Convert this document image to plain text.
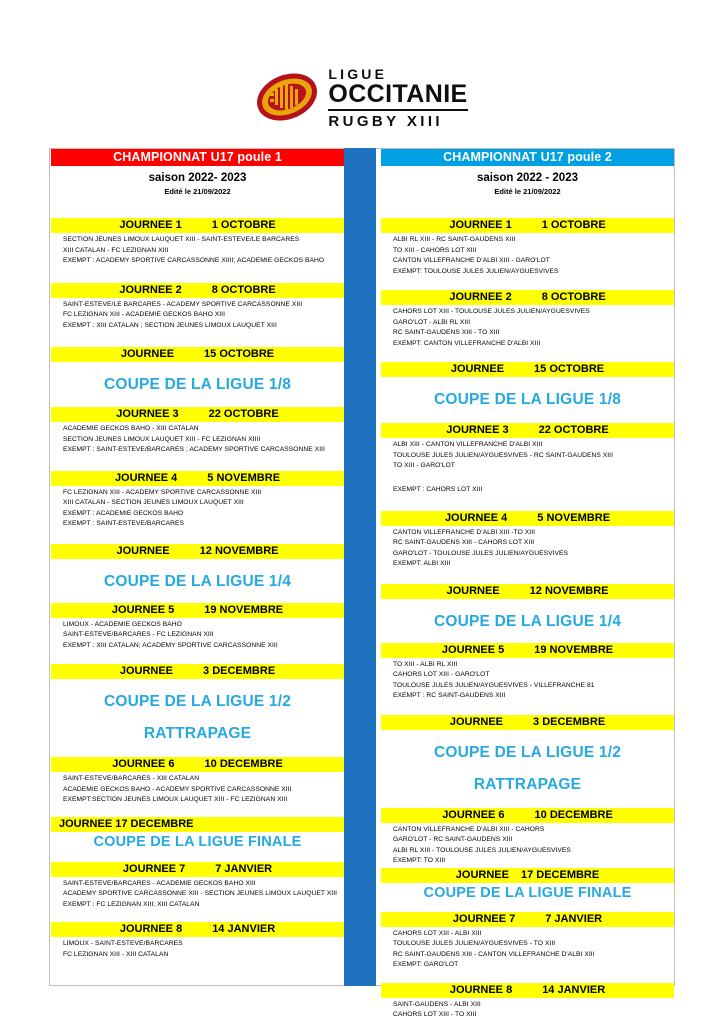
LIGUE
OCCITANIE
RUGBY XIII
CHAMPIONNAT U17 poule 1
saison 2022- 2023
Edité le 21/09/2022
JOURNEE 1	1 OCTOBRE
SECTION JEUNES LIMOUX LAUQUET XIII - SAINT-ESTEVE/LE BARCARES
XIII CATALAN - FC LEZIGNAN XIII
EXEMPT : ACADEMY SPORTIVE CARCASSONNE XIIII; ACADEMIE GECKOS BAHO
JOURNEE 2	8 OCTOBRE
SAINT-ESTEVE/LE BARCARES - ACADEMY SPORTIVE CARCASSONNE XIII
FC LEZIGNAN XIII - ACADEMIE GECKOS BAHO XIII
EXEMPT : XIII CATALAN ; SECTION JEUNES LIMOUX LAUQUET XIII
JOURNEE	15 OCTOBRE
COUPE DE LA LIGUE 1/8
JOURNEE 3	22 OCTOBRE
ACADEMIE GECKOS BAHO - XIII CATALAN
SECTION JEUNES LIMOUX LAUQUET XIII - FC LEZIGNAN XIIII
EXEMPT : SAINT-ESTEVE/BARCARES ; ACADEMY SPORTIVE CARCASSONNE XIII
JOURNEE 4	5 NOVEMBRE
FC LEZIGNAN XIII - ACADEMY SPORTIVE CARCASSONNE XIII
XIII CATALAN - SECTION JEUNES LIMOUX LAUQUET XIII
EXEMPT : ACADEMIE GECKOS BAHO
EXEMPT : SAINT-ESTEVE/BARCARES
JOURNEE	12 NOVEMBRE
COUPE DE LA LIGUE 1/4
JOURNEE 5	19 NOVEMBRE
LIMOUX - ACADEMIE GECKOS BAHO
SAINT-ESTEVE/BARCARES - FC LEZIGNAN XIII
EXEMPT : XIII CATALAN; ACADEMY SPORTIVE CARCASSONNE XIII
JOURNEE	3 DECEMBRE
COUPE DE LA LIGUE 1/2
RATTRAPAGE
JOURNEE 6	10 DECEMBRE
SAINT-ESTEVE/BARCARES - XIII CATALAN
ACADEMIE GECKOS BAHO - ACADEMY SPORTIVE CARCASSONNE XIII
EXEMPT:SECTION JEUNES LIMOUX LAUQUET XIII - FC LEZIGNAN XIII
JOURNEE 17 DECEMBRE
COUPE DE LA LIGUE FINALE
JOURNEE 7	7 JANVIER
SAINT-ESTEVE/BARCARES - ACADEMIE GECKOS BAHO XIII
ACADEMY SPORTIVE CARCASSONNE XIII - SECTION JEUNES LIMOUX LAUQUET XIII
EXEMPT : FC LEZIGNAN XIII; XIII CATALAN
JOURNEE 8	14 JANVIER
LIMOUX - SAINT-ESTEVE/BARCARES
FC LEZIGNAN XIII - XIII CATALAN
CHAMPIONNAT U17 poule 2
saison 2022 - 2023
Edité le 21/09/2022
JOURNEE 1	1 OCTOBRE
ALBI RL XIII - RC SAINT-GAUDENS XIII
TO XIII - CAHORS LOT XIII
CANTON VILLEFRANCHE D'ALBI XIII - GARO'LOT
EXEMPT: TOULOUSE JULES JULIEN/AYGUESVIVES
JOURNEE 2	8 OCTOBRE
CAHORS LOT XIII - TOULOUSE JULES JULIEN/AYGUESVIVES
GARO'LOT - ALBI RL XIII
RC SAINT-GAUDENS XIII - TO XIII
EXEMPT: CANTON VILLEFRANCHE D'ALBI XIII
JOURNEE	15 OCTOBRE
COUPE DE LA LIGUE 1/8
JOURNEE 3	22 OCTOBRE
ALBI XIII - CANTON VILLEFRANCHE D'ALBI XIII
TOULOUSE JULES JULIEN/AYGUESVIVES - RC SAINT-GAUDENS XIII
TO XIII - GARO'LOT

EXEMPT : CAHORS LOT XIII
JOURNEE 4	5 NOVEMBRE
CANTON VILLEFRANCHE D'ALBI XIII -TO XIII
RC SAINT-GAUDENS XIII - CAHORS LOT XIII
GARO'LOT - TOULOUSE JULES JULIEN/AYGUESVIVES
EXEMPT: ALBI XIII
JOURNEE	12 NOVEMBRE
COUPE DE LA LIGUE 1/4
JOURNEE 5	19 NOVEMBRE
TO XIII - ALBI RL XIII
CAHORS LOT XIII - GARO'LOT
TOULOUSE JULES JULIEN/AYGUESVIVES - VILLEFRANCHE 81
EXEMPT : RC SAINT-GAUDENS XIII
JOURNEE	3 DECEMBRE
COUPE DE LA LIGUE 1/2
RATTRAPAGE
JOURNEE 6	10 DECEMBRE
CANTON VILLEFRANCHE D'ALBI XIII - CAHORS
GARO'LOT - RC SAINT-GAUDENS XIII
ALBI RL XIII - TOULOUSE JULES JULIEN/AYGUESVIVES
EXEMPT: TO XIII
JOURNEE 17 DECEMBRE
COUPE DE LA LIGUE FINALE
JOURNEE 7	7 JANVIER
CAHORS LOT XIII - ALBI XIII
TOULOUSE JULES JULIEN/AYGUESVIVES - TO XIII
RC SAINT-GAUDENS XIII - CANTON VILLEFRANCHE D'ALBI XIII
EXEMPT: GARO'LOT
JOURNEE 8	14 JANVIER
SAINT-GAUDENS - ALBI XIII
CAHORS LOT XIII - TO XIII
